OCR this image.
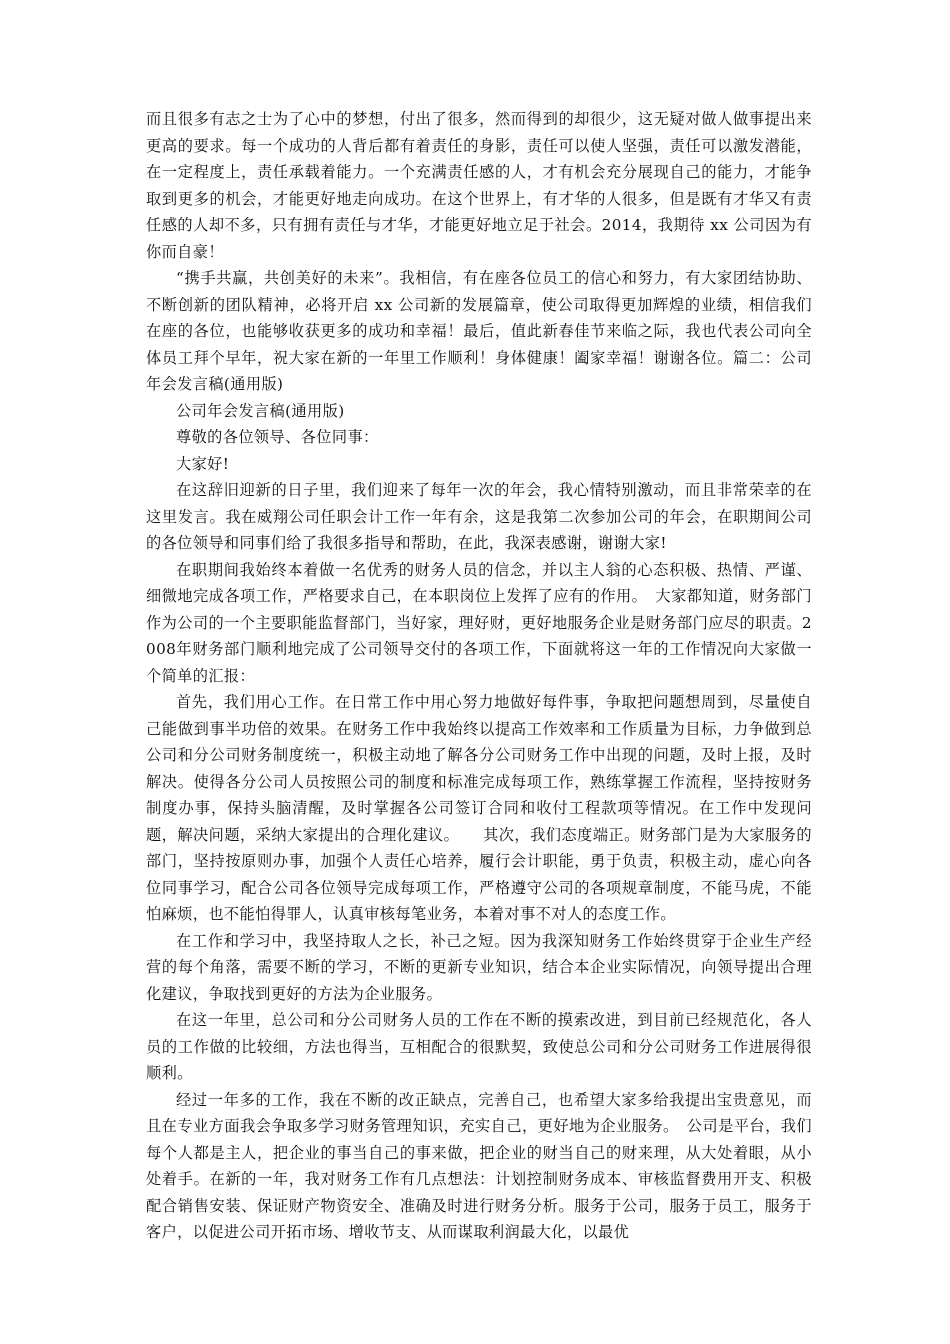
而且很多有志之士为了心中的梦想，付出了很多，然而得到的却很少，这无疑对做人做事提出来更高的要求。每一个成功的人背后都有着责任的身影，责任可以使人坚强，责任可以激发潜能，在一定程度上，责任承载着能力。一个充满责任感的人，才有机会充分展现自己的能力，才能争取到更多的机会，才能更好地走向成功。在这个世界上，有才华的人很多，但是既有才华又有责任感的人却不多，只有拥有责任与才华，才能更好地立足于社会。2014，我期待 xx 公司因为有你而自豪！

“携手共赢，共创美好的未来”。我相信，有在座各位员工的信心和努力，有大家团结协助、不断创新的团队精神，必将开启 xx 公司新的发展篇章，使公司取得更加辉煌的业绩，相信我们在座的各位，也能够收获更多的成功和幸福！最后，值此新春佳节来临之际，我也代表公司向全体员工拜个早年，祝大家在新的一年里工作顺利！身体健康！阖家幸福！谢谢各位。篇二：公司年会发言稿(通用版)

公司年会发言稿(通用版)

尊敬的各位领导、各位同事：

大家好!

在这辞旧迎新的日子里，我们迎来了每年一次的年会，我心情特别激动，而且非常荣幸的在这里发言。我在威翔公司任职会计工作一年有余，这是我第二次参加公司的年会，在职期间公司的各位领导和同事们给了我很多指导和帮助，在此，我深表感谢，谢谢大家!

在职期间我始终本着做一名优秀的财务人员的信念，并以主人翁的心态积极、热情、严谨、细微地完成各项工作，严格要求自己，在本职岗位上发挥了应有的作用。　大家都知道，财务部门作为公司的一个主要职能监督部门，当好家，理好财，更好地服务企业是财务部门应尽的职责。2008年财务部门顺利地完成了公司领导交付的各项工作，下面就将这一年的工作情况向大家做一个简单的汇报：

首先，我们用心工作。在日常工作中用心努力地做好每件事，争取把问题想周到，尽量使自己能做到事半功倍的效果。在财务工作中我始终以提高工作效率和工作质量为目标，力争做到总公司和分公司财务制度统一，积极主动地了解各分公司财务工作中出现的问题，及时上报，及时解决。使得各分公司人员按照公司的制度和标准完成每项工作，熟练掌握工作流程，坚持按财务制度办事，保持头脑清醒，及时掌握各公司签订合同和收付工程款项等情况。在工作中发现问题，解决问题，采纳大家提出的合理化建议。　　其次，我们态度端正。财务部门是为大家服务的部门，坚持按原则办事，加强个人责任心培养，履行会计职能，勇于负责，积极主动，虚心向各位同事学习，配合公司各位领导完成每项工作，严格遵守公司的各项规章制度，不能马虎，不能怕麻烦，也不能怕得罪人，认真审核每笔业务，本着对事不对人的态度工作。

在工作和学习中，我坚持取人之长，补己之短。因为我深知财务工作始终贯穿于企业生产经营的每个角落，需要不断的学习，不断的更新专业知识，结合本企业实际情况，向领导提出合理化建议，争取找到更好的方法为企业服务。

在这一年里，总公司和分公司财务人员的工作在不断的摸索改进，到目前已经规范化，各人员的工作做的比较细，方法也得当，互相配合的很默契，致使总公司和分公司财务工作进展得很顺利。

经过一年多的工作，我在不断的改正缺点，完善自己，也希望大家多给我提出宝贵意见，而且在专业方面我会争取多学习财务管理知识，充实自己，更好地为企业服务。　公司是平台，我们每个人都是主人，把企业的事当自己的事来做，把企业的财当自己的财来理，从大处着眼，从小处着手。在新的一年，我对财务工作有几点想法：计划控制财务成本、审核监督费用开支、积极配合销售安装、保证财产物资安全、准确及时进行财务分析。服务于公司，服务于员工，服务于客户，以促进公司开拓市场、增收节支、从而谋取利润最大化，以最优
